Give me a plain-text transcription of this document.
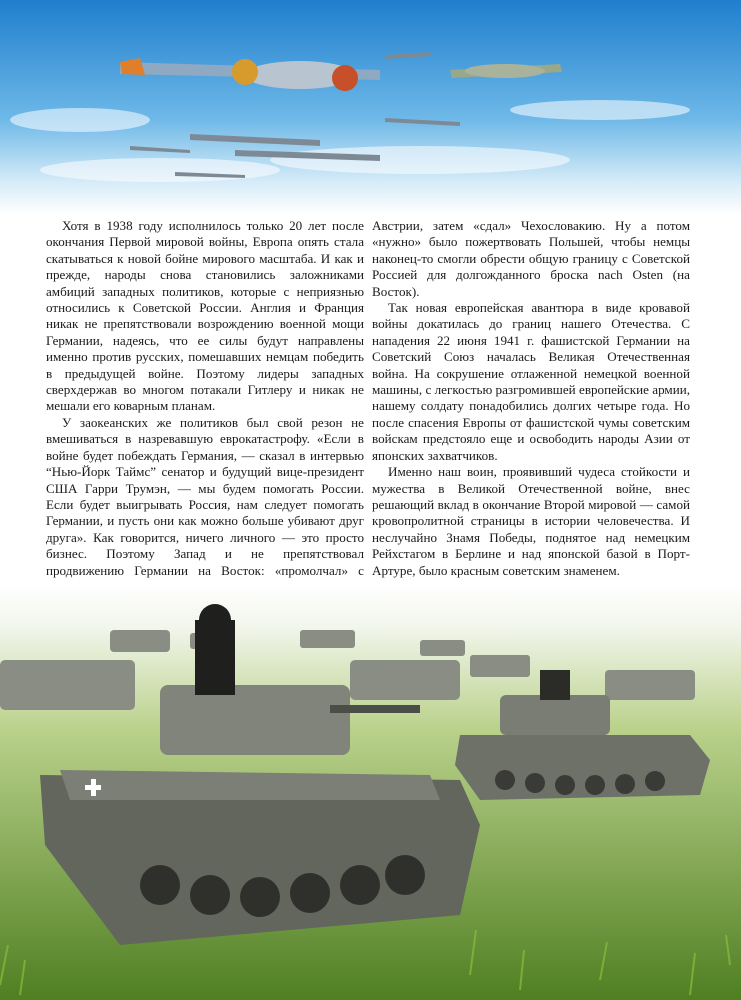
Хотя в 1938 году исполнилось только 20 лет после окончания Первой мировой войны, Европа опять стала скатываться к новой бойне мирового масштаба. И как и прежде, народы снова становились заложниками амбиций западных политиков, которые с неприязнью относились к Советской России. Англия и Франция никак не препятствовали возрождению военной мощи Германии, надеясь, что ее силы будут направлены именно против русских, помешавших немцам победить в предыдущей войне. Поэтому лидеры западных сверхдержав во многом потакали Гитлеру и никак не мешали его коварным планам.

У заокеанских же политиков был свой резон не вмешиваться в назревавшую еврокатастрофу. «Если в войне будет побеждать Германия, — сказал в интервью “Нью-Йорк Таймс” сенатор и будущий вице-президент США Гарри Трумэн, — мы будем помогать России. Если будет выигрывать Россия, нам следует помогать Германии, и пусть они как можно больше убивают друг друга». Как говорится, ничего личного — это просто бизнес. Поэтому Запад и не препятствовал продвижению Германии на Восток: «промолчал» с

Австрии, затем «сдал» Чехословакию. Ну а потом «нужно» было пожертвовать Польшей, чтобы немцы наконец-то смогли обрести общую границу с Советской Россией для долгожданного броска nach Osten (на Восток).

Так новая европейская авантюра в виде кровавой войны докатилась до границ нашего Отечества. С нападения 22 июня 1941 г. фашистской Германии на Советский Союз началась Великая Отечественная война. На сокрушение отлаженной немецкой военной машины, с легкостью разгромившей европейские армии, нашему солдату понадобились долгих четыре года. Но после спасения Европы от фашистской чумы советским войскам предстояло еще и освободить народы Азии от японских захватчиков.

Именно наш воин, проявивший чудеса стойкости и мужества в Великой Отечественной войне, внес решающий вклад в окончание Второй мировой — самой кровопролитной страницы в истории человечества. И неслучайно Знамя Победы, поднятое над немецким Рейхстагом в Берлине и над японской базой в Порт-Артуре, было красным советским знаменем.
